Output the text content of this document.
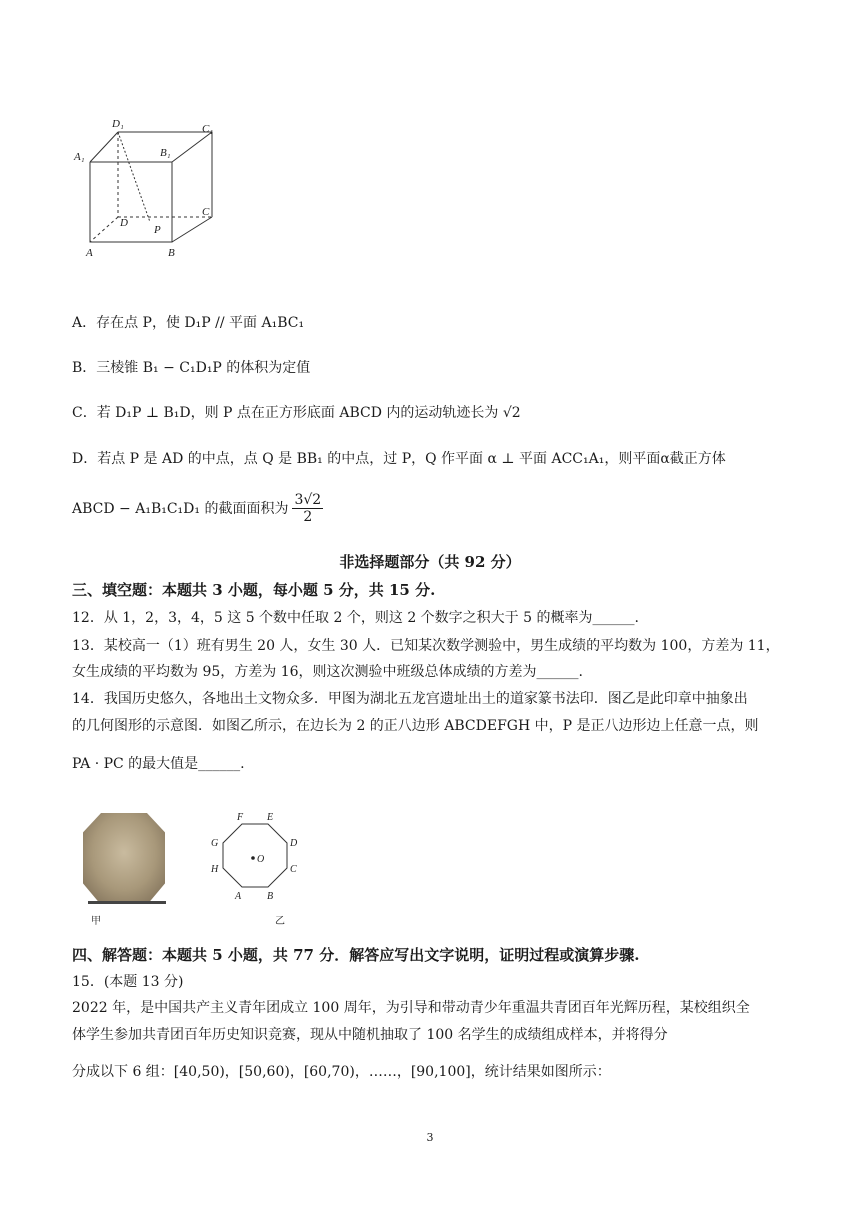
D₁	C₁
A₁	B₁
D
C
P
A	B
A．存在点 P，使 D₁P // 平面 A₁BC₁
B．三棱锥 B₁ − C₁D₁P 的体积为定值
C．若 D₁P ⊥ B₁D，则 P 点在正方形底面 ABCD 内的运动轨迹长为 √2
D．若点 P 是 AD 的中点，点 Q 是 BB₁ 的中点，过 P，Q 作平面 α ⊥ 平面 ACC₁A₁，则平面α截正方体
ABCD − A₁B₁C₁D₁ 的截面面积为 $\frac{3√2}{2}$
非选择题部分（共 92 分）
三、填空题：本题共 3 小题，每小题 5 分，共 15 分.
12．从 1，2，3，4，5 这 5 个数中任取 2 个，则这 2 个数字之积大于 5 的概率为______.
13．某校高一（1）班有男生 20 人，女生 30 人．已知某次数学测验中，男生成绩的平均数为 100，方差为 11，
女生成绩的平均数为 95，方差为 16，则这次测验中班级总体成绩的方差为______.
14．我国历史悠久，各地出土文物众多．甲图为湖北五龙宫遗址出土的道家篆书法印．图乙是此印章中抽象出
的几何图形的示意图．如图乙所示，在边长为 2 的正八边形 ABCDEFGH 中，P 是正八边形边上任意一点，则
PA · PC 的最大值是______.
甲
F E
G	D
O
H	C
A	B
乙
四、解答题：本题共 5 小题，共 77 分．解答应写出文字说明，证明过程或演算步骤.
15．(本题 13 分)
2022 年，是中国共产主义青年团成立 100 周年，为引导和带动青少年重温共青团百年光辉历程，某校组织全
体学生参加共青团百年历史知识竞赛，现从中随机抽取了 100 名学生的成绩组成样本，并将得分
分成以下 6 组：[40,50)，[50,60)，[60,70)，……，[90,100]，统计结果如图所示：
3
